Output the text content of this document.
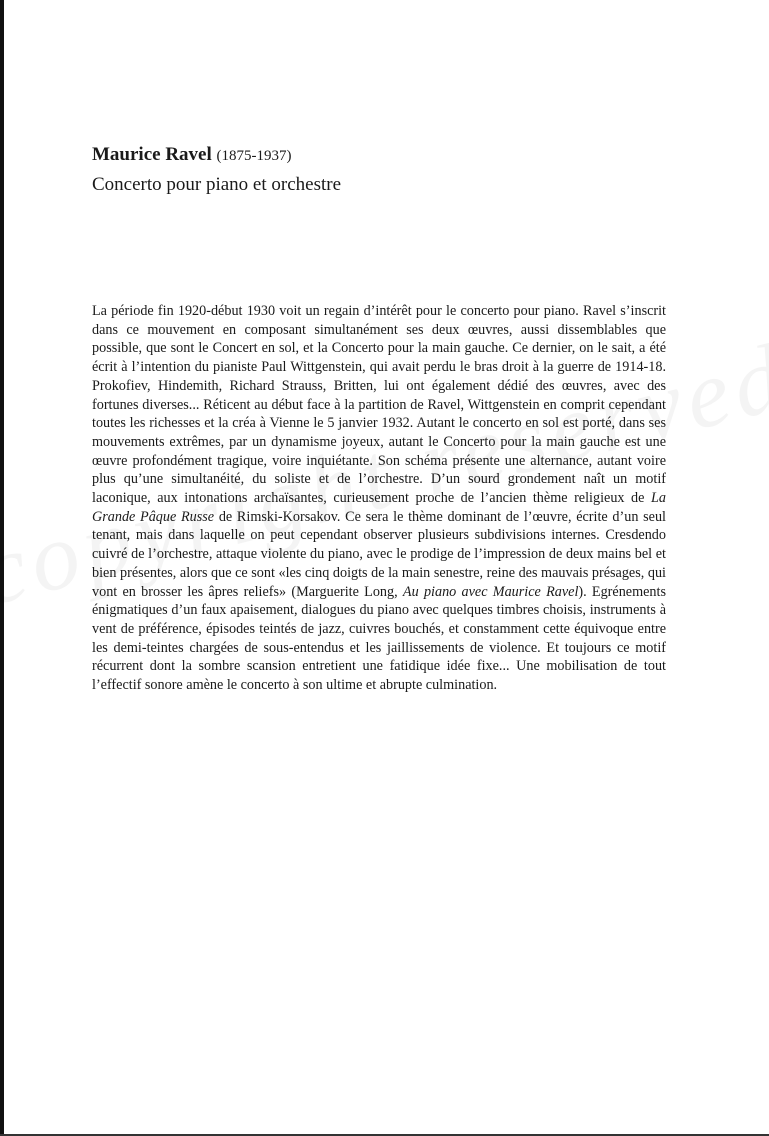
Maurice Ravel (1875-1937)
Concerto pour piano et orchestre
La période fin 1920-début 1930 voit un regain d’intérêt pour le concerto pour piano. Ravel s’inscrit dans ce mouvement en composant simultanément ses deux œuvres, aussi dissemblables que possible, que sont le Concert en sol, et la Concerto pour la main gauche. Ce dernier, on le sait, a été écrit à l’intention du pianiste Paul Wittgenstein, qui avait perdu le bras droit à la guerre de 1914-18. Prokofiev, Hindemith, Richard Strauss, Britten, lui ont également dédié des œuvres, avec des fortunes diverses... Réticent au début face à la partition de Ravel, Wittgenstein en comprit cependant toutes les richesses et la créa à Vienne le 5 janvier 1932. Autant le concerto en sol est porté, dans ses mouvements extrêmes, par un dynamisme joyeux, autant le Concerto pour la main gauche est une œuvre profondément tragique, voire inquiétante. Son schéma présente une alternance, autant voire plus qu’une simultanéité, du soliste et de l’orchestre. D’un sourd grondement naît un motif laconique, aux intonations archaïsantes, curieusement proche de l’ancien thème religieux de La Grande Pâque Russe de Rimski-Korsakov. Ce sera le thème dominant de l’œuvre, écrite d’un seul tenant, mais dans laquelle on peut cependant observer plusieurs subdivisions internes. Cresdendo cuivré de l’orchestre, attaque violente du piano, avec le prodige de l’impression de deux mains bel et bien présentes, alors que ce sont «les cinq doigts de la main senestre, reine des mauvais présages, qui vont en brosser les âpres reliefs» (Marguerite Long, Au piano avec Maurice Ravel). Egrénements énigmatiques d’un faux apaisement, dialogues du piano avec quelques timbres choisis, instruments à vent de préférence, épisodes teintés de jazz, cuivres bouchés, et constamment cette équivoque entre les demi-teintes chargées de sous-entendus et les jaillissements de violence. Et toujours ce motif récurrent dont la sombre scansion entretient une fatidique idée fixe... Une mobilisation de tout l’effectif sonore amène le concerto à son ultime et abrupte culmination.
